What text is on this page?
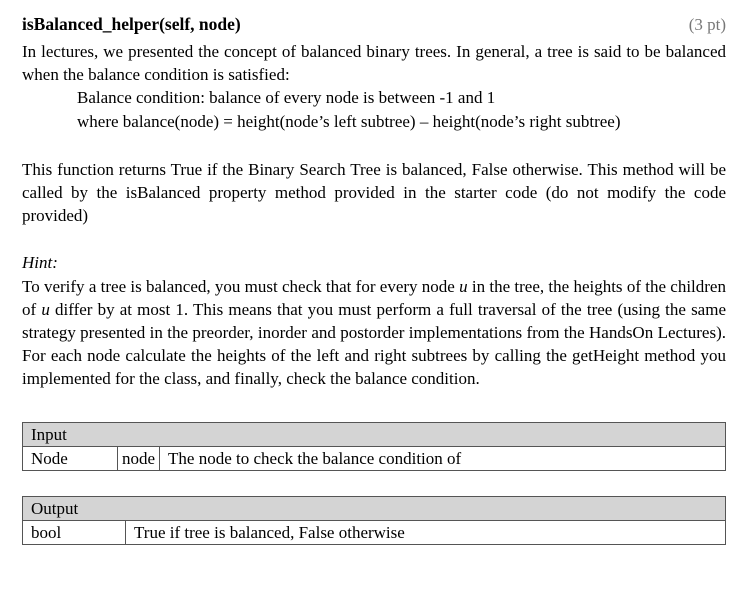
isBalanced_helper(self, node)	(3 pt)

In lectures, we presented the concept of balanced binary trees. In general, a tree is said to be balanced when the balance condition is satisfied:

Balance condition: balance of every node is between -1 and 1
where balance(node) = height(node’s left subtree) – height(node’s right subtree)

This function returns True if the Binary Search Tree is balanced, False otherwise. This method will be called by the isBalanced property method provided in the starter code (do not modify the code provided)

Hint:

To verify a tree is balanced, you must check that for every node u in the tree, the heights of the children of u differ by at most 1. This means that you must perform a full traversal of the tree (using the same strategy presented in the preorder, inorder and postorder implementations from the HandsOn Lectures). For each node calculate the heights of the left and right subtrees by calling the getHeight method you implemented for the class, and finally, check the balance condition.

Input
Node	node	The node to check the balance condition of
Output
bool	True if tree is balanced, False otherwise
